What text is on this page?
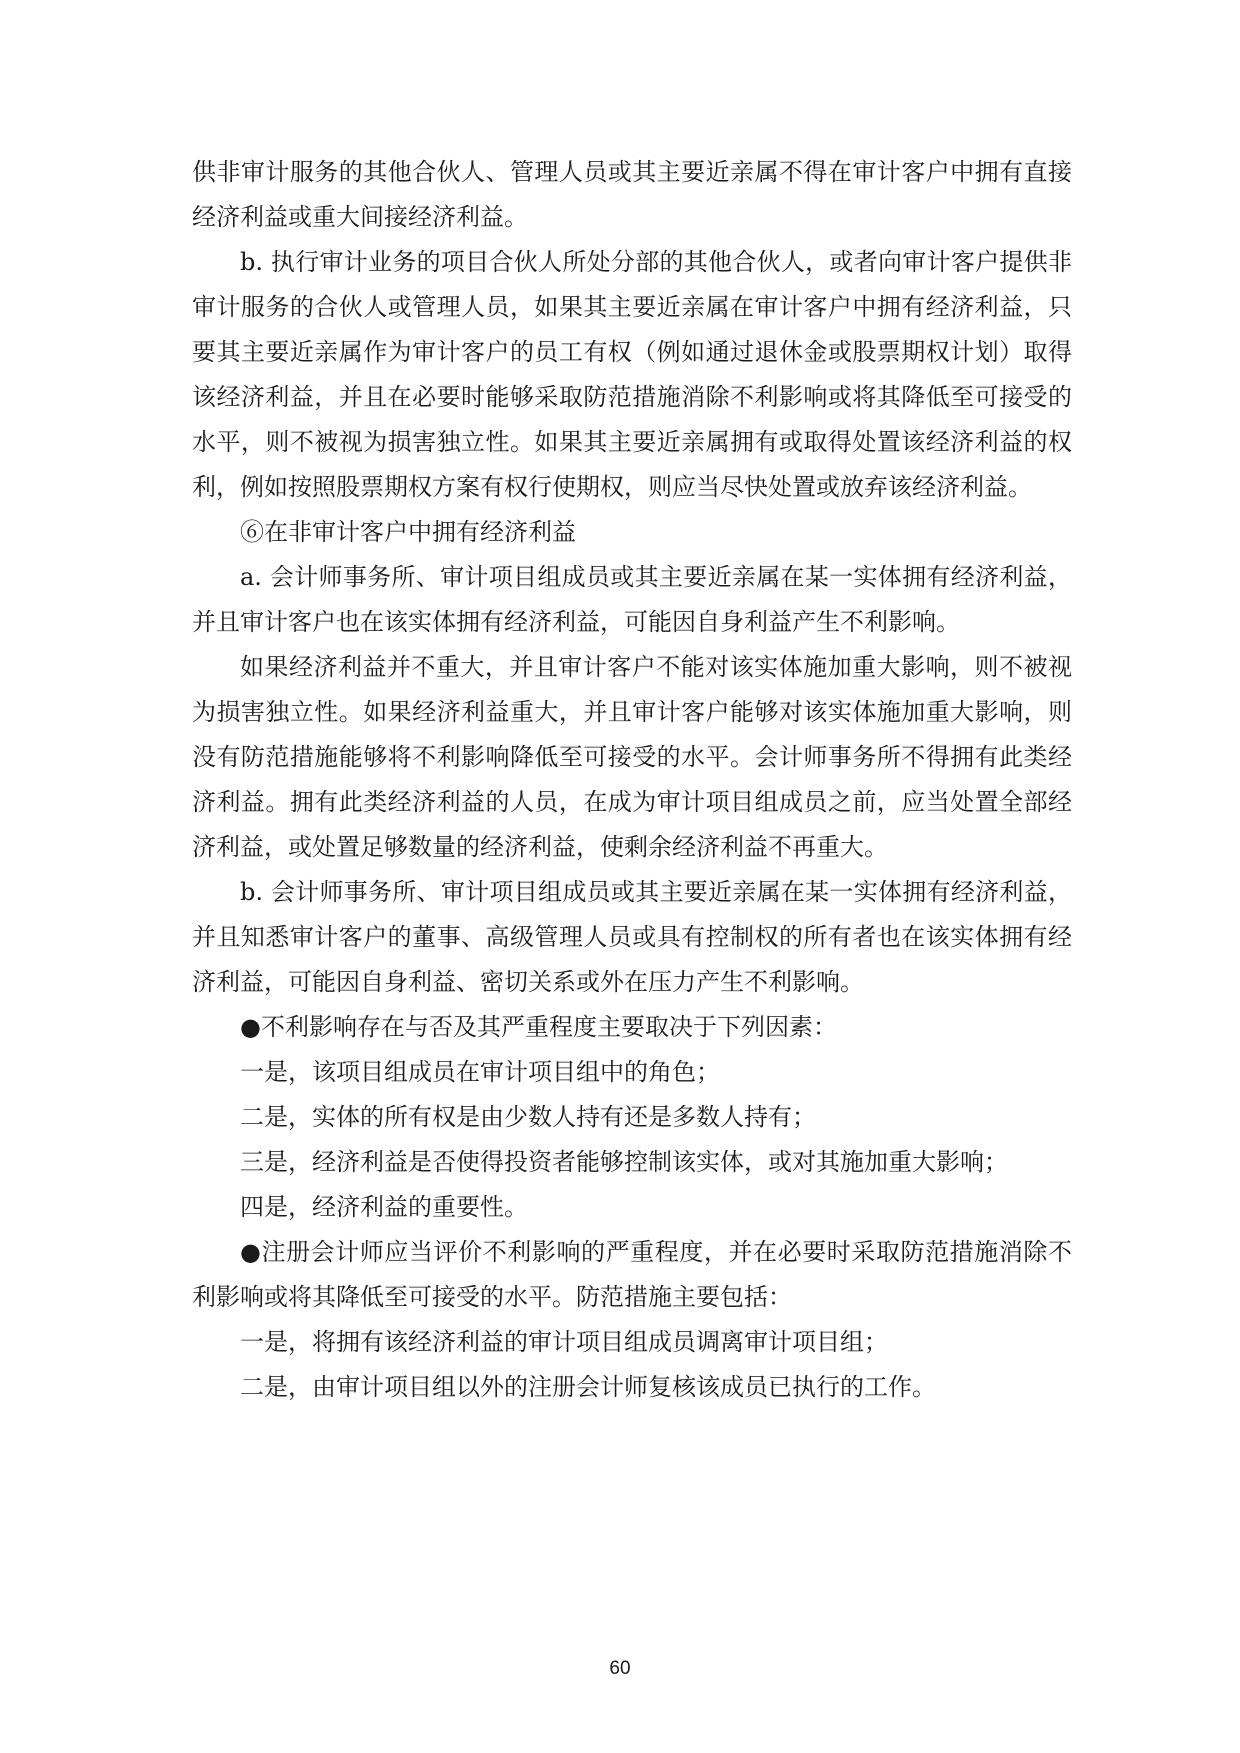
供非审计服务的其他合伙人、管理人员或其主要近亲属不得在审计客户中拥有直接经济利益或重大间接经济利益。

b. 执行审计业务的项目合伙人所处分部的其他合伙人，或者向审计客户提供非审计服务的合伙人或管理人员，如果其主要近亲属在审计客户中拥有经济利益，只要其主要近亲属作为审计客户的员工有权（例如通过退休金或股票期权计划）取得该经济利益，并且在必要时能够采取防范措施消除不利影响或将其降低至可接受的水平，则不被视为损害独立性。如果其主要近亲属拥有或取得处置该经济利益的权利，例如按照股票期权方案有权行使期权，则应当尽快处置或放弃该经济利益。

⑥在非审计客户中拥有经济利益

a. 会计师事务所、审计项目组成员或其主要近亲属在某一实体拥有经济利益，并且审计客户也在该实体拥有经济利益，可能因自身利益产生不利影响。

如果经济利益并不重大，并且审计客户不能对该实体施加重大影响，则不被视为损害独立性。如果经济利益重大，并且审计客户能够对该实体施加重大影响，则没有防范措施能够将不利影响降低至可接受的水平。会计师事务所不得拥有此类经济利益。拥有此类经济利益的人员，在成为审计项目组成员之前，应当处置全部经济利益，或处置足够数量的经济利益，使剩余经济利益不再重大。

b. 会计师事务所、审计项目组成员或其主要近亲属在某一实体拥有经济利益，并且知悉审计客户的董事、高级管理人员或具有控制权的所有者也在该实体拥有经济利益，可能因自身利益、密切关系或外在压力产生不利影响。

●不利影响存在与否及其严重程度主要取决于下列因素：

一是，该项目组成员在审计项目组中的角色；

二是，实体的所有权是由少数人持有还是多数人持有；

三是，经济利益是否使得投资者能够控制该实体，或对其施加重大影响；

四是，经济利益的重要性。

●注册会计师应当评价不利影响的严重程度，并在必要时采取防范措施消除不利影响或将其降低至可接受的水平。防范措施主要包括：

一是，将拥有该经济利益的审计项目组成员调离审计项目组；

二是，由审计项目组以外的注册会计师复核该成员已执行的工作。

60
